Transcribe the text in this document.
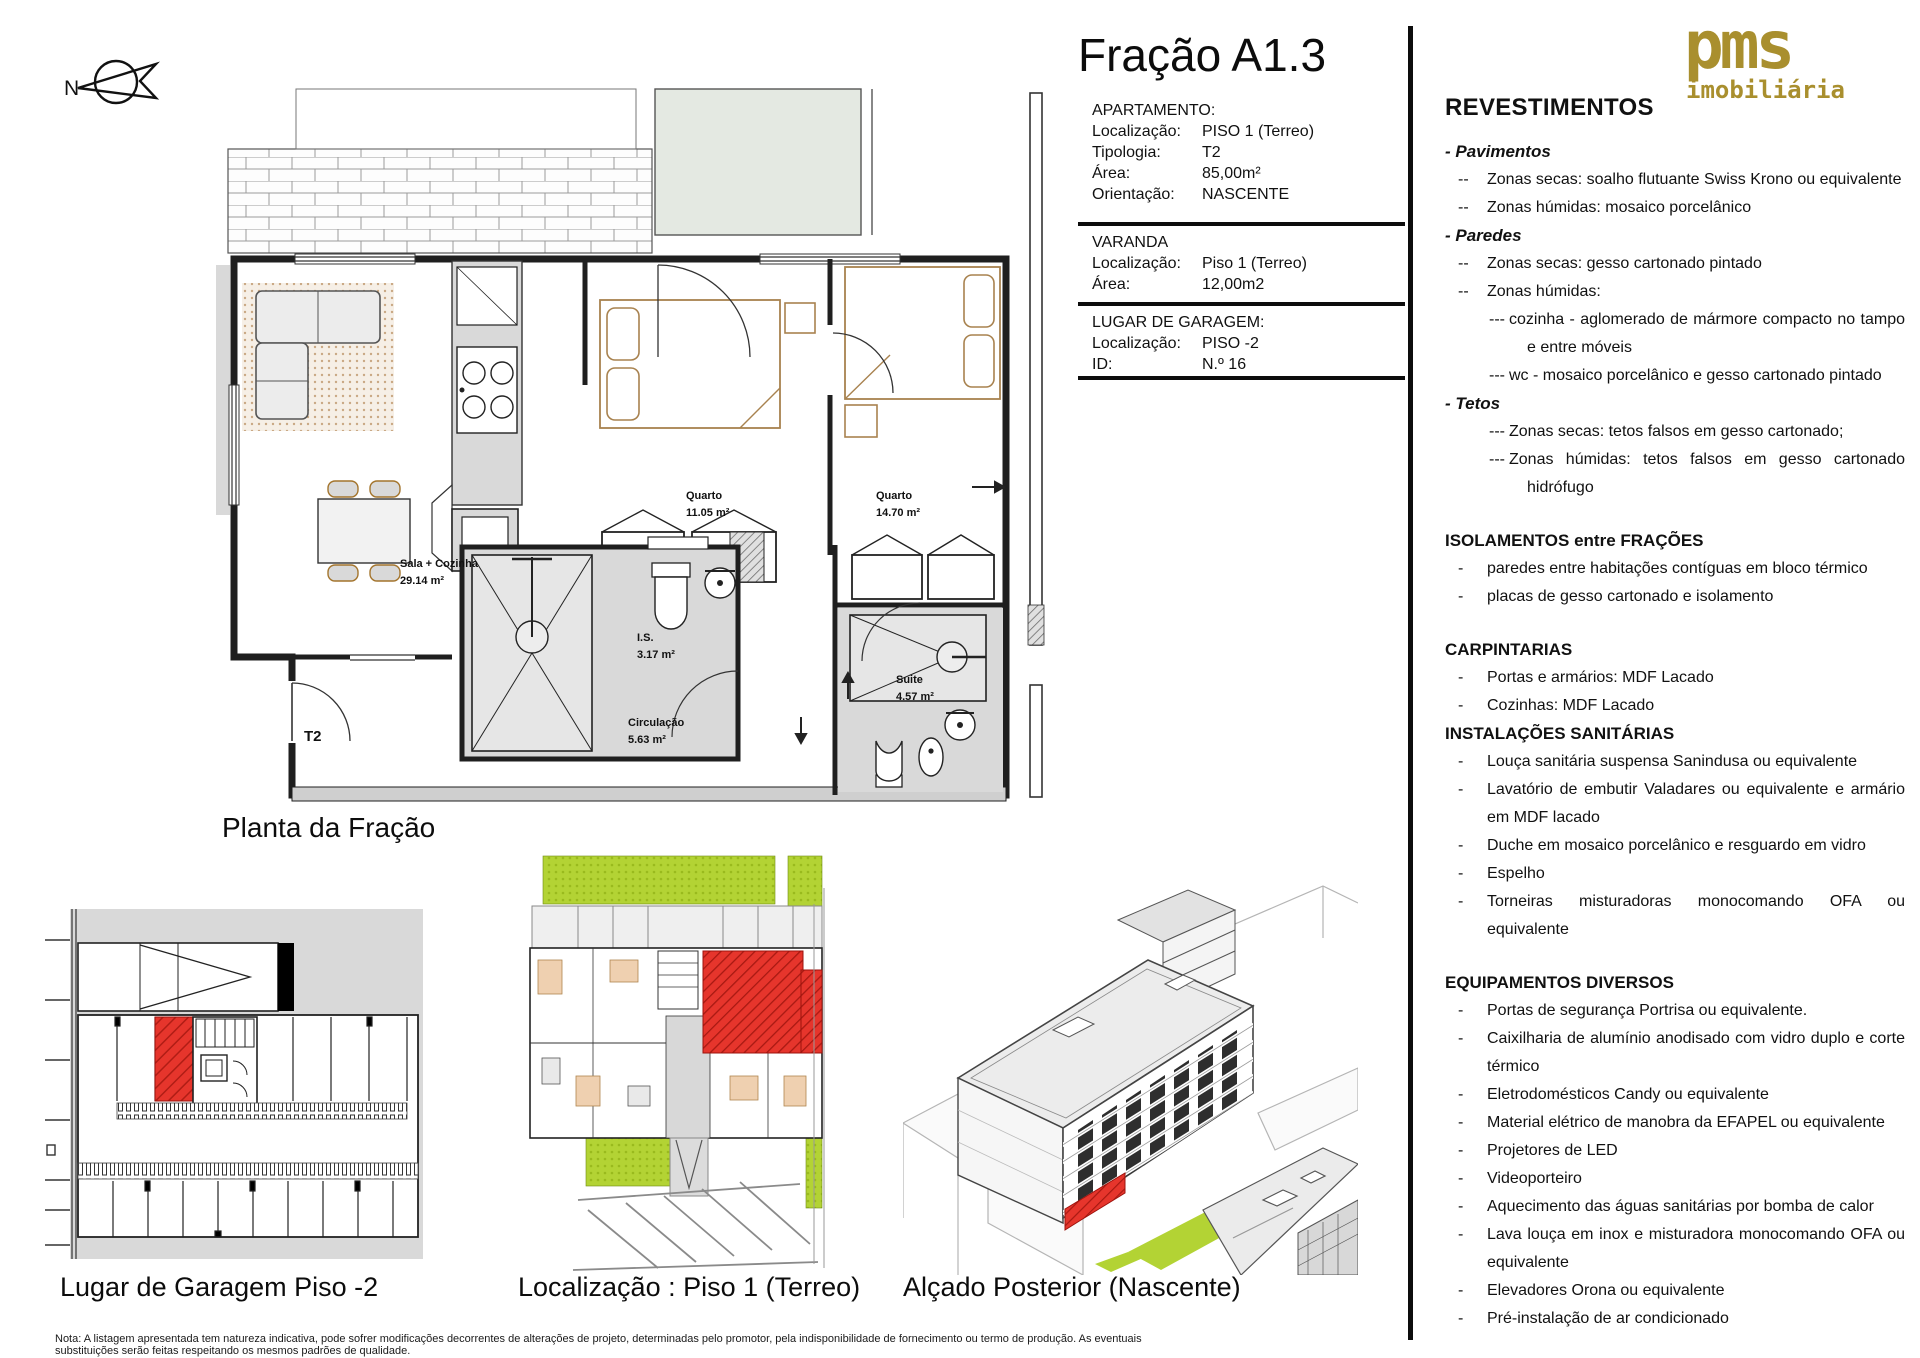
N
T2
Sala + Cozinha
29.14 m²
Quarto
11.05 m²
Quarto
14.70 m²
I.S.
3.17 m²
Circulação
5.63 m²
Suite
4.57 m²
Planta da Fração
Fração A1.3
APARTAMENTO:
Localização:	PISO 1 (Terreo)
Tipologia:	T2
Área:	85,00m²
Orientação:	NASCENTE
VARANDA
Localização:	Piso 1 (Terreo)
Área:	12,00m2
LUGAR DE GARAGEM:
Localização:	PISO -2
ID:	N.º 16
pms
imobiliária
REVESTIMENTOS
- Pavimentos
--	Zonas secas: soalho flutuante Swiss Krono ou equivalente
--	Zonas húmidas: mosaico porcelânico
- Paredes
--	Zonas secas: gesso cartonado pintado
--	Zonas húmidas:
--- cozinha - aglomerado de mármore compacto no tampo
e entre móveis
--- wc - mosaico porcelânico e gesso cartonado pintado
- Tetos
--- Zonas secas: tetos falsos em gesso cartonado;
--- Zonas húmidas: tetos falsos em gesso cartonado
hidrófugo
ISOLAMENTOS entre FRAÇÕES
-	paredes entre habitações contíguas em bloco térmico
-	placas de gesso cartonado e isolamento
CARPINTARIAS
-	Portas e armários: MDF Lacado
-	Cozinhas: MDF Lacado
INSTALAÇÕES SANITÁRIAS
-	Louça sanitária suspensa Sanindusa ou equivalente
-	Lavatório de embutir Valadares ou equivalente e armário
em MDF lacado
-	Duche em mosaico porcelânico e resguardo em vidro
-	Espelho
-	Torneiras misturadoras monocomando OFA ou
equivalente
EQUIPAMENTOS DIVERSOS
-	Portas de segurança Portrisa ou equivalente.
-	Caixilharia de alumínio anodisado com vidro duplo e corte
térmico
-	Eletrodomésticos Candy ou equivalente
-	Material elétrico de manobra da EFAPEL ou equivalente
-	Projetores de LED
-	Videoporteiro
-	Aquecimento das águas sanitárias por bomba de calor
-	Lava louça em inox e misturadora monocomando OFA ou
equivalente
-	Elevadores Orona ou equivalente
-	Pré-instalação de ar condicionado
Lugar de Garagem Piso -2	Localização : Piso 1 (Terreo) Alçado Posterior (Nascente)
Nota: A listagem apresentada tem natureza indicativa, pode sofrer modificações decorrentes de alterações de projeto, determinadas pelo promotor, pela indisponibilidade de fornecimento ou termo de produção. As eventuais substituições serão feitas respeitando os mesmos padrões de qualidade.
